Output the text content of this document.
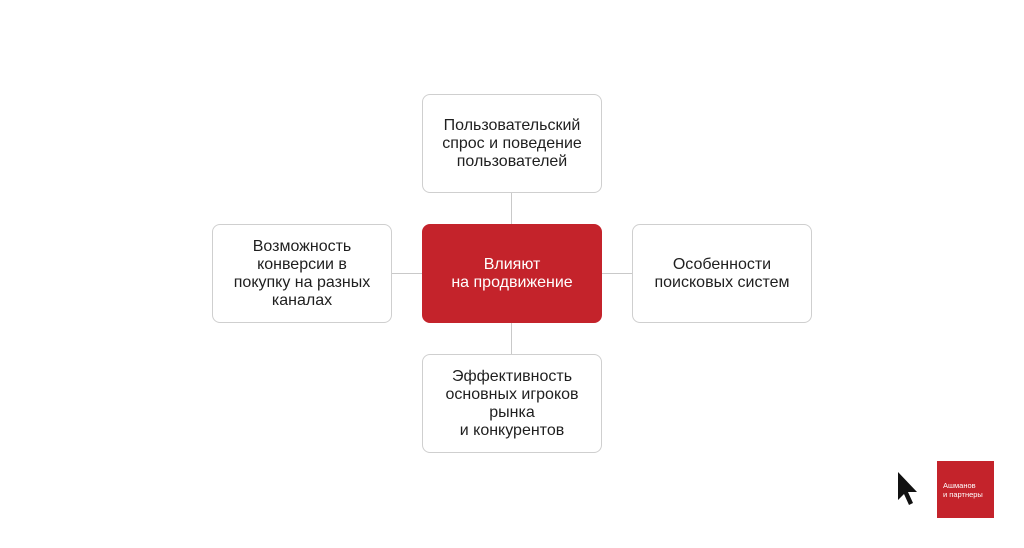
Пользовательский
спрос и поведение
пользователей
Возможность
конверсии в
покупку на разных
каналах
Влияют
на продвижение
Особенности
поисковых систем
Эффективность
основных игроков
рынка
и конкурентов
Ашманов
и партнеры
